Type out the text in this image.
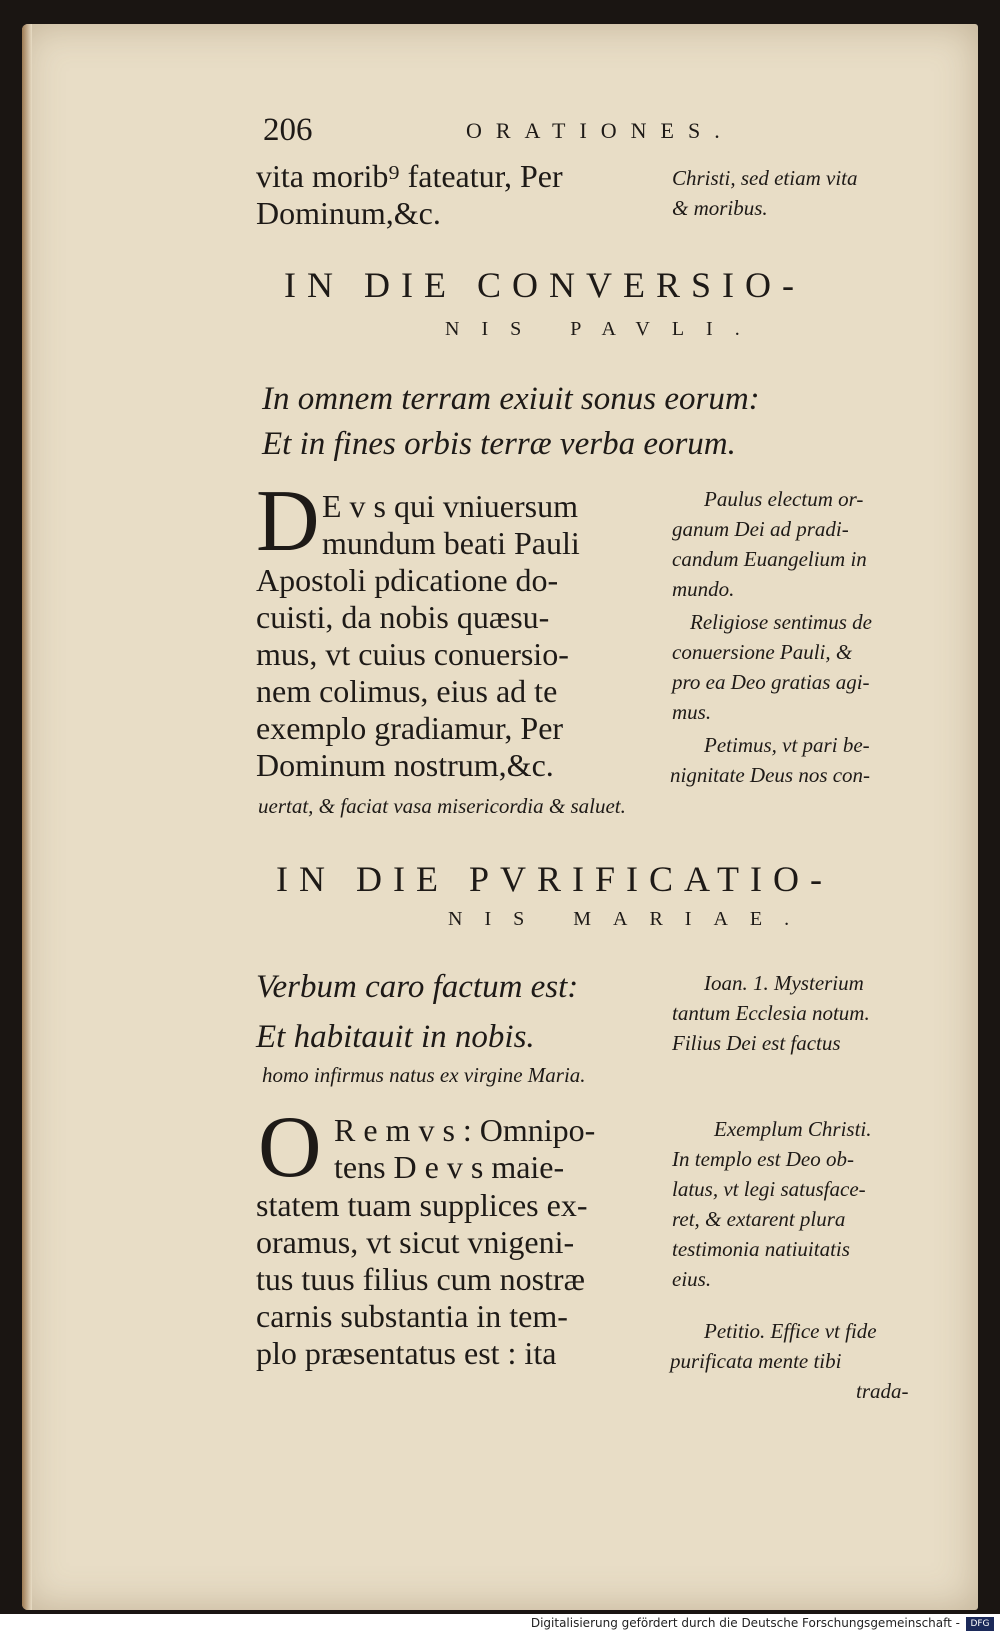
206	ORATIONES.
vita morib⁹ fateatur, Per
Dominum,&c.
Christi, sed etiam vita
& moribus.
IN DIE CONVERSIO-
NIS PAVLI.
In omnem terram exiuit sonus eorum:
Et in fines orbis terræ verba eorum.
D E v s qui vniuersum
mundum beati Pauli
Apostoli pdicatione do-
cuisti, da nobis quæsu-
mus, vt cuius conuersio-
nem colimus, eius ad te
exemplo gradiamur, Per
Dominum nostrum,&c.
Paulus electum or-
ganum Dei ad pradi-
candum Euangelium in
mundo.
Religiose sentimus de
conuersione Pauli, &
pro ea Deo gratias agi-
mus.
Petimus, vt pari be-
nignitate Deus nos con-
uertat, & faciat vasa misericordia & saluet.
IN DIE PVRIFICATIO-
NIS MARIAE.
Verbum caro factum est:
Et habitauit in nobis.
Ioan. 1. Mysterium
tantum Ecclesia notum.
Filius Dei est factus
homo infirmus natus ex virgine Maria.
O R e m v s : Omnipo-
tens D e v s maie-
statem tuam supplices ex-
oramus, vt sicut vnigeni-
tus tuus filius cum nostræ
carnis substantia in tem-
plo præsentatus est : ita
Exemplum Christi.
In templo est Deo ob-
latus, vt legi satusface-
ret, & extarent plura
testimonia natiuitatis
eius.
Petitio. Effice vt fide
purificata mente tibi
trada-
Digitalisierung gefördert durch die Deutsche Forschungsgemeinschaft -	DFG
